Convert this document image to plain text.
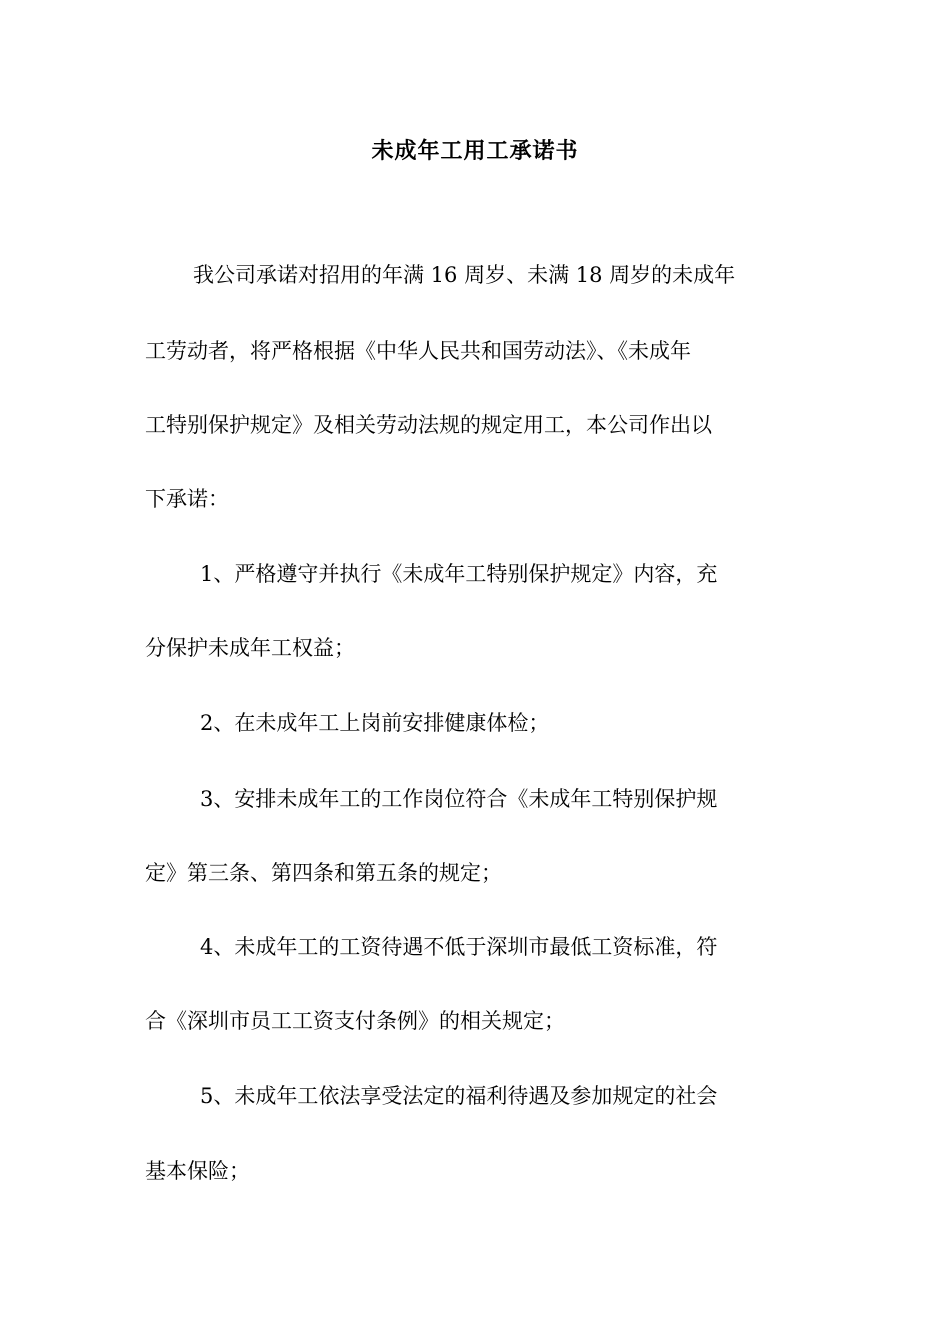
未成年工用工承诺书
我公司承诺对招用的年满 16 周岁、未满 18 周岁的未成年
工劳动者，将严格根据《中华人民共和国劳动法》、《未成年
工特别保护规定》及相关劳动法规的规定用工，本公司作出以
下承诺：
1、严格遵守并执行《未成年工特别保护规定》内容，充
分保护未成年工权益；
2、在未成年工上岗前安排健康体检；
3、安排未成年工的工作岗位符合《未成年工特别保护规
定》第三条、第四条和第五条的规定；
4、未成年工的工资待遇不低于深圳市最低工资标准，符
合《深圳市员工工资支付条例》的相关规定；
5、未成年工依法享受法定的福利待遇及参加规定的社会
基本保险；
